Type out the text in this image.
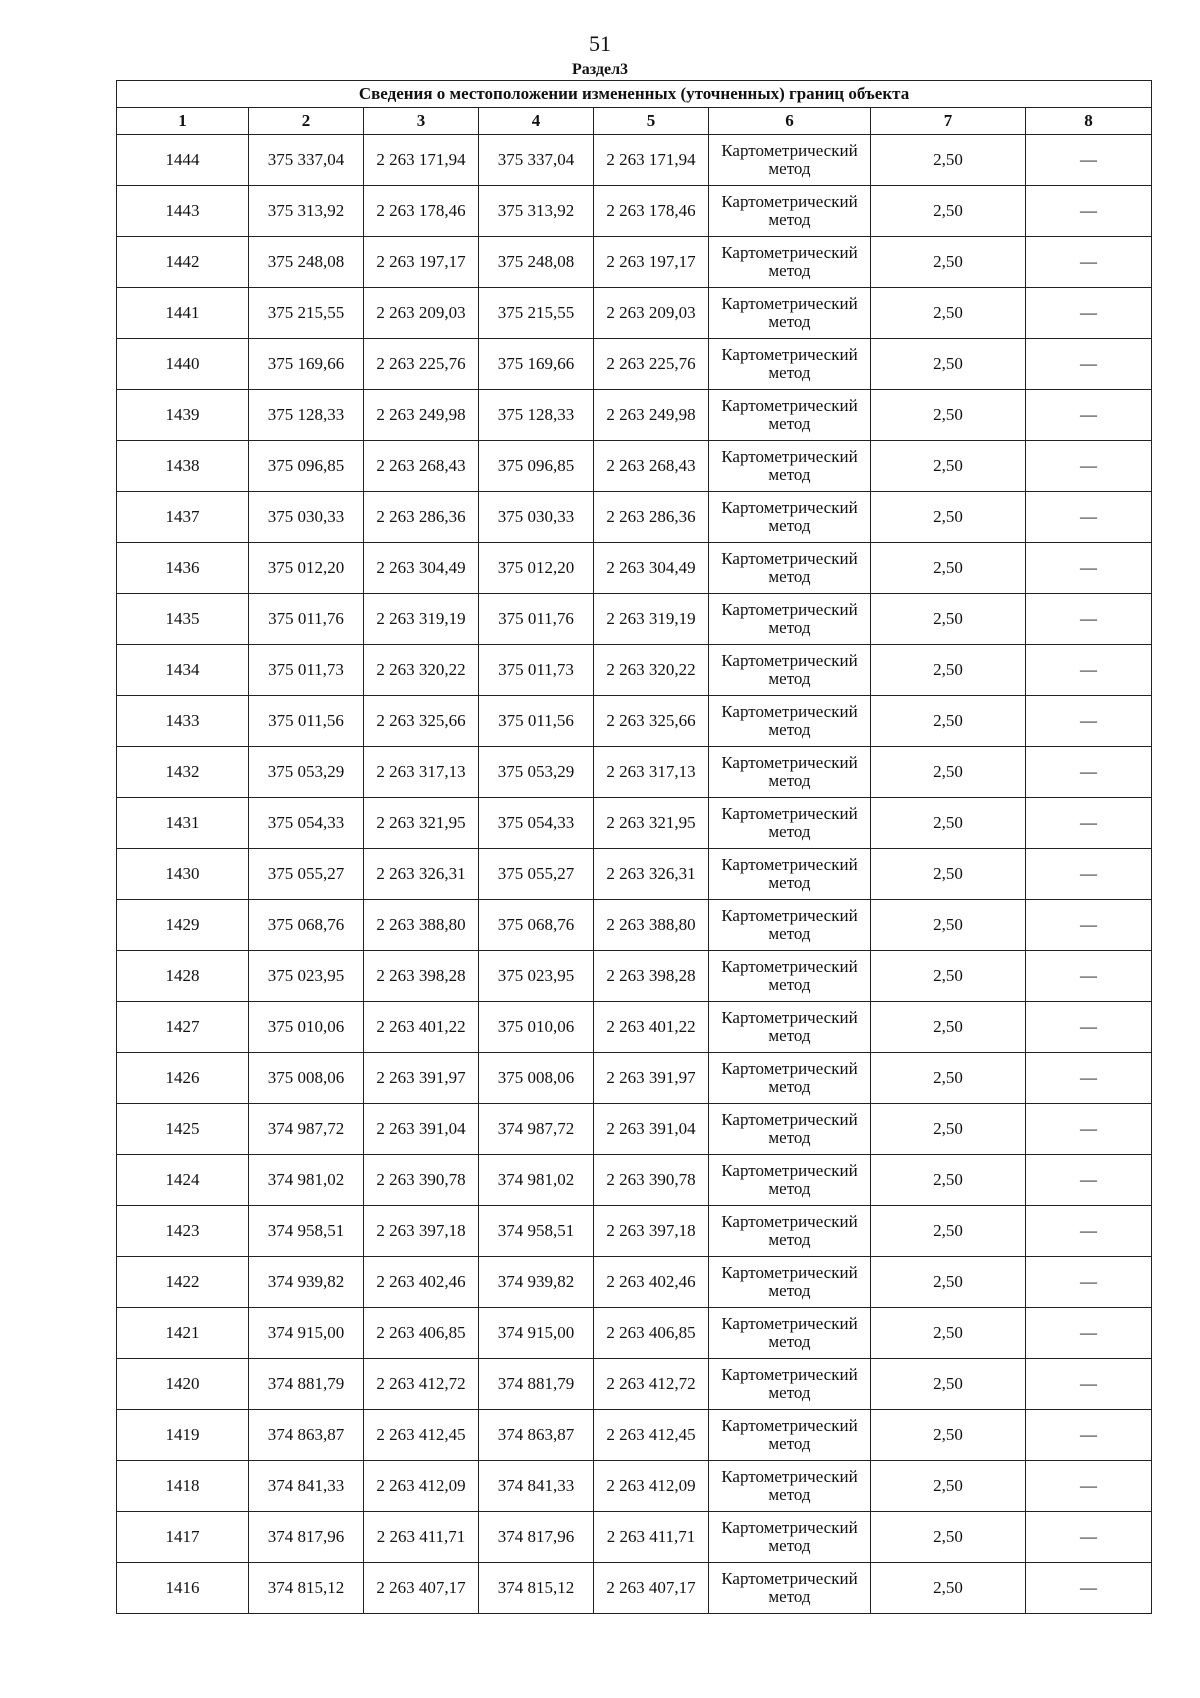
51
Раздел3
Сведения о местоположении измененных (уточненных) границ объекта							
1	2	3	4	5	6	7	8
1444	375 337,04	2 263 171,94	375 337,04	2 263 171,94	Картометрический метод	2,50	—
1443	375 313,92	2 263 178,46	375 313,92	2 263 178,46	Картометрический метод	2,50	—
1442	375 248,08	2 263 197,17	375 248,08	2 263 197,17	Картометрический метод	2,50	—
1441	375 215,55	2 263 209,03	375 215,55	2 263 209,03	Картометрический метод	2,50	—
1440	375 169,66	2 263 225,76	375 169,66	2 263 225,76	Картометрический метод	2,50	—
1439	375 128,33	2 263 249,98	375 128,33	2 263 249,98	Картометрический метод	2,50	—
1438	375 096,85	2 263 268,43	375 096,85	2 263 268,43	Картометрический метод	2,50	—
1437	375 030,33	2 263 286,36	375 030,33	2 263 286,36	Картометрический метод	2,50	—
1436	375 012,20	2 263 304,49	375 012,20	2 263 304,49	Картометрический метод	2,50	—
1435	375 011,76	2 263 319,19	375 011,76	2 263 319,19	Картометрический метод	2,50	—
1434	375 011,73	2 263 320,22	375 011,73	2 263 320,22	Картометрический метод	2,50	—
1433	375 011,56	2 263 325,66	375 011,56	2 263 325,66	Картометрический метод	2,50	—
1432	375 053,29	2 263 317,13	375 053,29	2 263 317,13	Картометрический метод	2,50	—
1431	375 054,33	2 263 321,95	375 054,33	2 263 321,95	Картометрический метод	2,50	—
1430	375 055,27	2 263 326,31	375 055,27	2 263 326,31	Картометрический метод	2,50	—
1429	375 068,76	2 263 388,80	375 068,76	2 263 388,80	Картометрический метод	2,50	—
1428	375 023,95	2 263 398,28	375 023,95	2 263 398,28	Картометрический метод	2,50	—
1427	375 010,06	2 263 401,22	375 010,06	2 263 401,22	Картометрический метод	2,50	—
1426	375 008,06	2 263 391,97	375 008,06	2 263 391,97	Картометрический метод	2,50	—
1425	374 987,72	2 263 391,04	374 987,72	2 263 391,04	Картометрический метод	2,50	—
1424	374 981,02	2 263 390,78	374 981,02	2 263 390,78	Картометрический метод	2,50	—
1423	374 958,51	2 263 397,18	374 958,51	2 263 397,18	Картометрический метод	2,50	—
1422	374 939,82	2 263 402,46	374 939,82	2 263 402,46	Картометрический метод	2,50	—
1421	374 915,00	2 263 406,85	374 915,00	2 263 406,85	Картометрический метод	2,50	—
1420	374 881,79	2 263 412,72	374 881,79	2 263 412,72	Картометрический метод	2,50	—
1419	374 863,87	2 263 412,45	374 863,87	2 263 412,45	Картометрический метод	2,50	—
1418	374 841,33	2 263 412,09	374 841,33	2 263 412,09	Картометрический метод	2,50	—
1417	374 817,96	2 263 411,71	374 817,96	2 263 411,71	Картометрический метод	2,50	—
1416	374 815,12	2 263 407,17	374 815,12	2 263 407,17	Картометрический метод	2,50	—
